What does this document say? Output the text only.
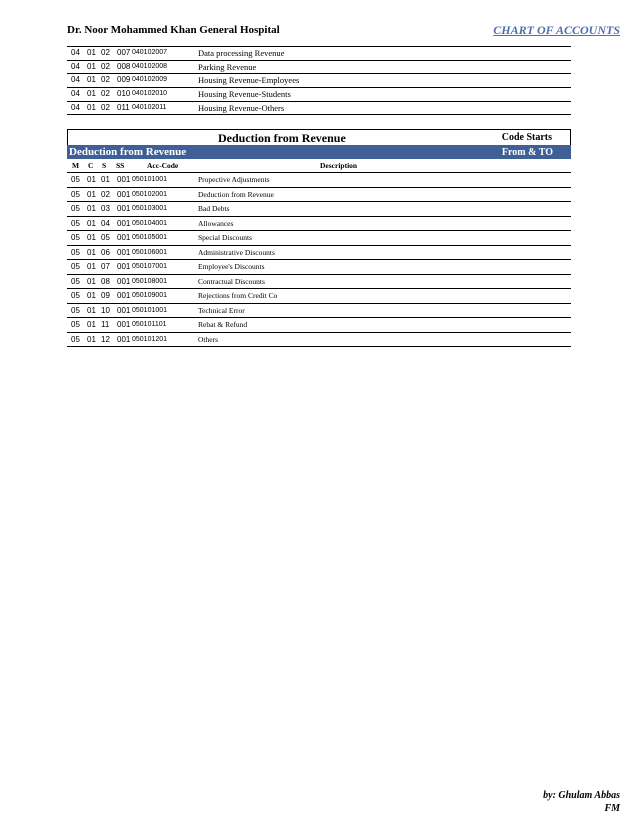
Dr. Noor Mohammed Khan General Hospital	CHART OF ACCOUNTS
04 01 02 007 040102007	Data processing Revenue
04 01 02 008 040102008	Parking Revenue
04 01 02 009 040102009	Housing Revenue-Employees
04 01 02 010 040102010	Housing Revenue-Students
04 01 02 011 040102011	Housing Revenue-Others
Deduction from Revenue	Code Starts
Deduction from Revenue	From & TO
M C S SS	Acc-Code	Description
05 01 01 001 050101001	Propective Adjustments
05 01 02 001 050102001	Deduction from Revenue
05 01 03 001 050103001	Bad Debts
05 01 04 001 050104001	Allowances
05 01 05 001 050105001	Special Discounts
05 01 06 001 050106001	Administrative Discounts
05 01 07 001 050107001	Employee's Discounts
05 01 08 001 050108001	Contractual Discounts
05 01 09 001 050109001	Rejections from Credit Co
05 01 10 001 050101001	Technical Error
05 01 11 001 050101101	Rebat & Refund
05 01 12 001 050101201	Others
by: Ghulam Abbas
FM
